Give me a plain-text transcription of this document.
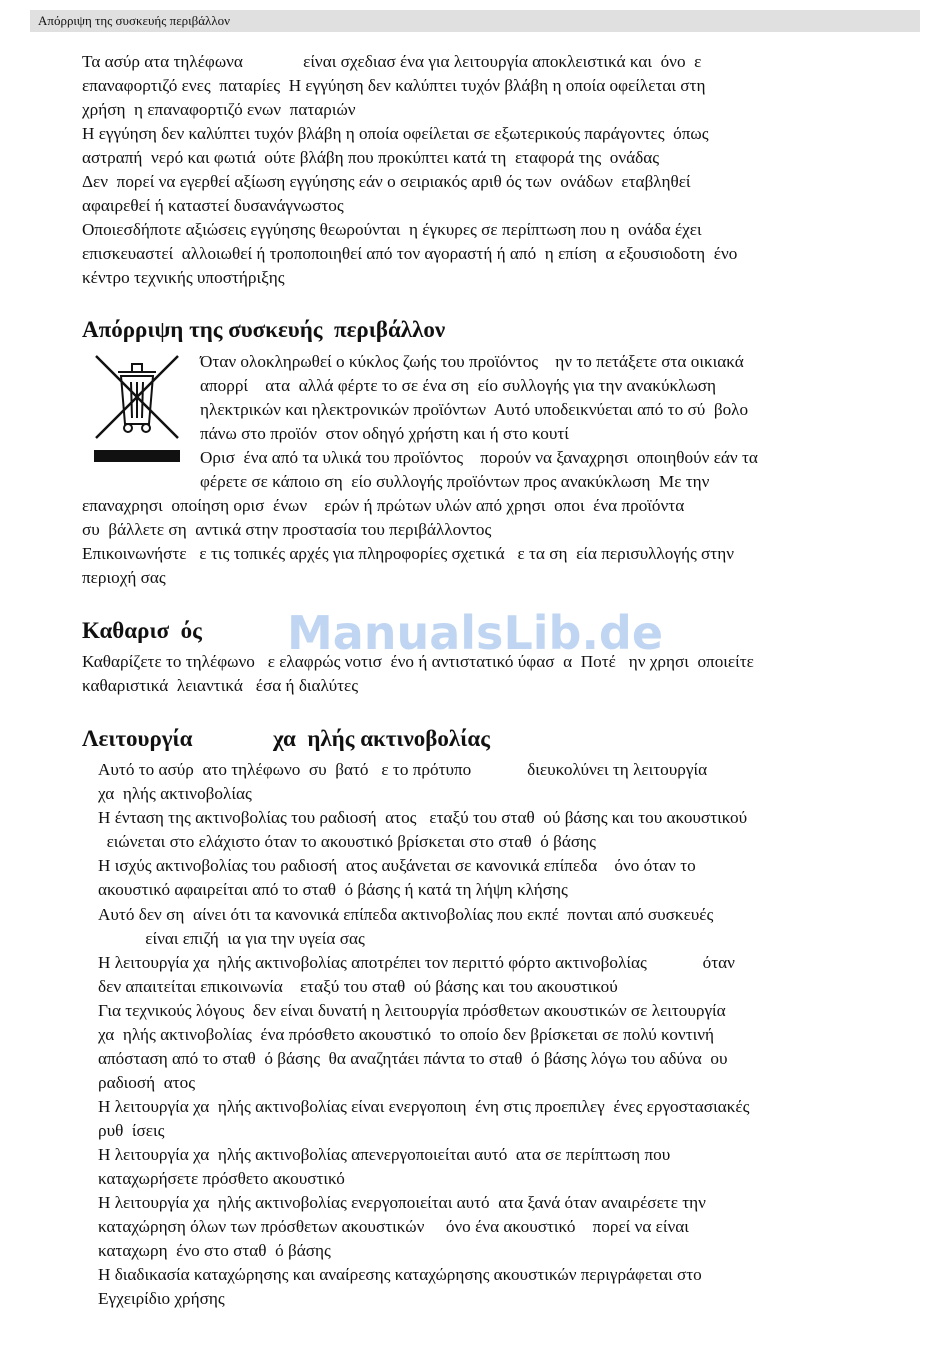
Απόρριψη της συσκευής περιβάλλον
ManualsLib.de
Τα ασύρ ατα τηλέφωνα              είναι σχεδιασ ένα για λειτουργία αποκλειστικά και  όνο  ε
επαναφορτιζό ενες  παταρίες  Η εγγύηση δεν καλύπτει τυχόν βλάβη η οποία οφείλεται στη
χρήση  η επαναφορτιζό ενων  παταριών
Η εγγύηση δεν καλύπτει τυχόν βλάβη η οποία οφείλεται σε εξωτερικούς παράγοντες  όπως
αστραπή  νερό και φωτιά  ούτε βλάβη που προκύπτει κατά τη  εταφορά της  ονάδας
Δεν  πορεί να εγερθεί αξίωση εγγύησης εάν ο σειριακός αριθ ός των  ονάδων  εταβληθεί
αφαιρεθεί ή καταστεί δυσανάγνωστος
Οποιεσδήποτε αξιώσεις εγγύησης θεωρούνται  η έγκυρες σε περίπτωση που η  ονάδα έχει
επισκευαστεί  αλλοιωθεί ή τροποποιηθεί από τον αγοραστή ή από  η επίση  α εξουσιοδοτη  ένο
κέντρο τεχνικής υποστήριξης
Απόρριψη της συσκευής  περιβάλλον
Όταν ολοκληρωθεί ο κύκλος ζωής του προϊόντος    ην το πετάξετε στα οικιακά
απορρί    ατα  αλλά φέρτε το σε ένα ση  είο συλλογής για την ανακύκλωση
ηλεκτρικών και ηλεκτρονικών προϊόντων  Αυτό υποδεικνύεται από το σύ  βολο
πάνω στο προϊόν  στον οδηγό χρήστη και ή στο κουτί
Ορισ  ένα από τα υλικά του προϊόντος    πορούν να ξαναχρησι  οποιηθούν εάν τα
φέρετε σε κάποιο ση  είο συλλογής προϊόντων προς ανακύκλωση  Με την
επαναχρησι  οποίηση ορισ  ένων    ερών ή πρώτων υλών από χρησι  οποι  ένα προϊόντα
συ  βάλλετε ση  αντικά στην προστασία του περιβάλλοντος
Επικοινωνήστε   ε τις τοπικές αρχές για πληροφορίες σχετικά   ε τα ση  εία περισυλλογής στην
περιοχή σας
Καθαρισ  ός
Καθαρίζετε το τηλέφωνο   ε ελαφρώς νοτισ  ένο ή αντιστατικό ύφασ  α  Ποτέ   ην χρησι  οποιείτε
καθαριστικά  λειαντικά   έσα ή διαλύτες
Λειτουργία              χα  ηλής ακτινοβολίας
Αυτό το ασύρ  ατο τηλέφωνο  συ  βατό   ε το πρότυπο             διευκολύνει τη λειτουργία
χα  ηλής ακτινοβολίας
Η ένταση της ακτινοβολίας του ραδιοσή  ατος   εταξύ του σταθ  ού βάσης και του ακουστικού
ειώνεται στο ελάχιστο όταν το ακουστικό βρίσκεται στο σταθ  ό βάσης
Η ισχύς ακτινοβολίας του ραδιοσή  ατος αυξάνεται σε κανονικά επίπεδα    όνο όταν το
ακουστικό αφαιρείται από το σταθ  ό βάσης ή κατά τη λήψη κλήσης
Αυτό δεν ση  αίνει ότι τα κανονικά επίπεδα ακτινοβολίας που εκπέ  πονται από συσκευές
είναι επιζή  ια για την υγεία σας
Η λειτουργία χα  ηλής ακτινοβολίας αποτρέπει τον περιττό φόρτο ακτινοβολίας             όταν
δεν απαιτείται επικοινωνία    εταξύ του σταθ  ού βάσης και του ακουστικού
Για τεχνικούς λόγους  δεν είναι δυνατή η λειτουργία πρόσθετων ακουστικών σε λειτουργία
χα  ηλής ακτινοβολίας  ένα πρόσθετο ακουστικό  το οποίο δεν βρίσκεται σε πολύ κοντινή
απόσταση από το σταθ  ό βάσης  θα αναζητάει πάντα το σταθ  ό βάσης λόγω του αδύνα  ου
ραδιοσή  ατος
Η λειτουργία χα  ηλής ακτινοβολίας είναι ενεργοποιη  ένη στις προεπιλεγ  ένες εργοστασιακές
ρυθ  ίσεις
Η λειτουργία χα  ηλής ακτινοβολίας απενεργοποιείται αυτό  ατα σε περίπτωση που
καταχωρήσετε πρόσθετο ακουστικό
Η λειτουργία χα  ηλής ακτινοβολίας ενεργοποιείται αυτό  ατα ξανά όταν αναιρέσετε την
καταχώρηση όλων των πρόσθετων ακουστικών     όνο ένα ακουστικό    πορεί να είναι
καταχωρη  ένο στο σταθ  ό βάσης
Η διαδικασία καταχώρησης και αναίρεσης καταχώρησης ακουστικών περιγράφεται στο
Εγχειρίδιο χρήσης
